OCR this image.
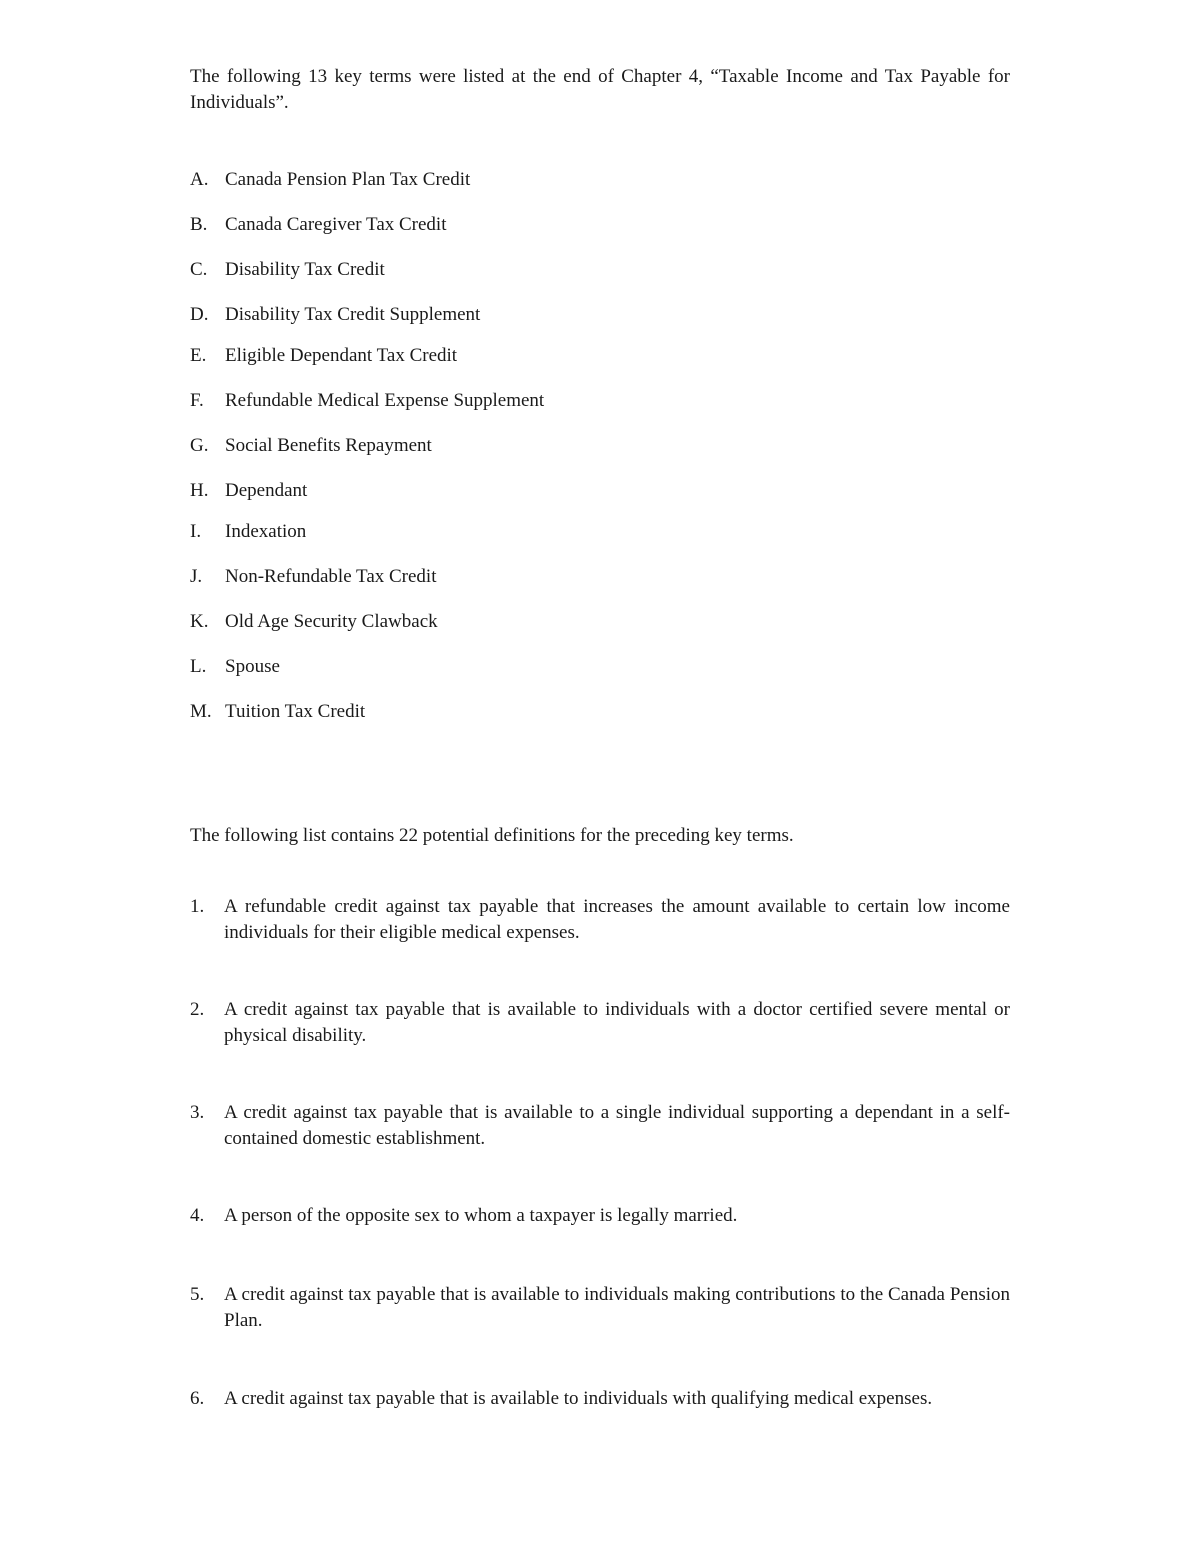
The following 13 key terms were listed at the end of Chapter 4, “Taxable Income and Tax Payable for Individuals”.
A. Canada Pension Plan Tax Credit
B. Canada Caregiver Tax Credit
C. Disability Tax Credit
D. Disability Tax Credit Supplement
E. Eligible Dependant Tax Credit
F. Refundable Medical Expense Supplement
G. Social Benefits Repayment
H. Dependant
I. Indexation
J. Non-Refundable Tax Credit
K. Old Age Security Clawback
L. Spouse
M. Tuition Tax Credit
The following list contains 22 potential definitions for the preceding key terms.
1.	A refundable credit against tax payable that increases the amount available to certain low income individuals for their eligible medical expenses.
2.	A credit against tax payable that is available to individuals with a doctor certified severe mental or physical disability.
3.	A credit against tax payable that is available to a single individual supporting a dependant in a self-contained domestic establishment.
4.	A person of the opposite sex to whom a taxpayer is legally married.
5.	A credit against tax payable that is available to individuals making contributions to the Canada Pension Plan.
6.	A credit against tax payable that is available to individuals with qualifying medical expenses.
